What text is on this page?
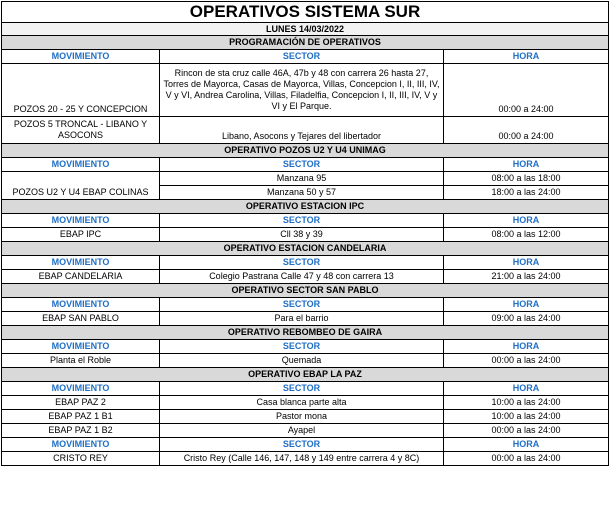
OPERATIVOS SISTEMA SUR		
LUNES 14/03/2022		
PROGRAMACIÓN DE OPERATIVOS		
MOVIMIENTO	SECTOR	HORA
POZOS 20 - 25 Y CONCEPCION	Rincon de sta cruz calle 46A, 47b y 48 con carrera 26 hasta 27, Torres de Mayorca, Casas de Mayorca, Villas, Concepcion I, II, III, IV, V y VI, Andrea Carolina, Villas, Filadelfia, Concepcion I, II, III, IV, V y VI y El Parque.	00:00 a 24:00
POZOS 5 TRONCAL - LIBANO Y ASOCONS	Libano, Asocons y Tejares del libertador	00:00 a 24:00
OPERATIVO POZOS U2 Y U4 UNIMAG		
MOVIMIENTO	SECTOR	HORA
POZOS U2 Y U4 EBAP COLINAS	Manzana 95	08:00 a las 18:00
	Manzana 50 y 57	18:00 a las 24:00
OPERATIVO ESTACION IPC		
MOVIMIENTO	SECTOR	HORA
EBAP IPC	Cll 38 y 39	08:00 a las 12:00
OPERATIVO ESTACION CANDELARIA		
MOVIMIENTO	SECTOR	HORA
EBAP CANDELARIA	Colegio Pastrana Calle 47 y 48 con carrera 13	21:00 a las 24:00
OPERATIVO SECTOR SAN PABLO		
MOVIMIENTO	SECTOR	HORA
EBAP SAN PABLO	Para el barrio	09:00 a las 24:00
OPERATIVO REBOMBEO DE GAIRA		
MOVIMIENTO	SECTOR	HORA
Planta el Roble	Quemada	00:00 a las 24:00
OPERATIVO EBAP LA PAZ		
MOVIMIENTO	SECTOR	HORA
EBAP PAZ 2	Casa blanca parte alta	10:00 a las 24:00
EBAP PAZ 1 B1	Pastor mona	10:00 a las 24:00
EBAP PAZ 1 B2	Ayapel	00:00 a las 24:00
MOVIMIENTO	SECTOR	HORA
CRISTO REY	Cristo Rey (Calle 146, 147, 148 y 149 entre carrera 4 y 8C)	00:00 a las 24:00
